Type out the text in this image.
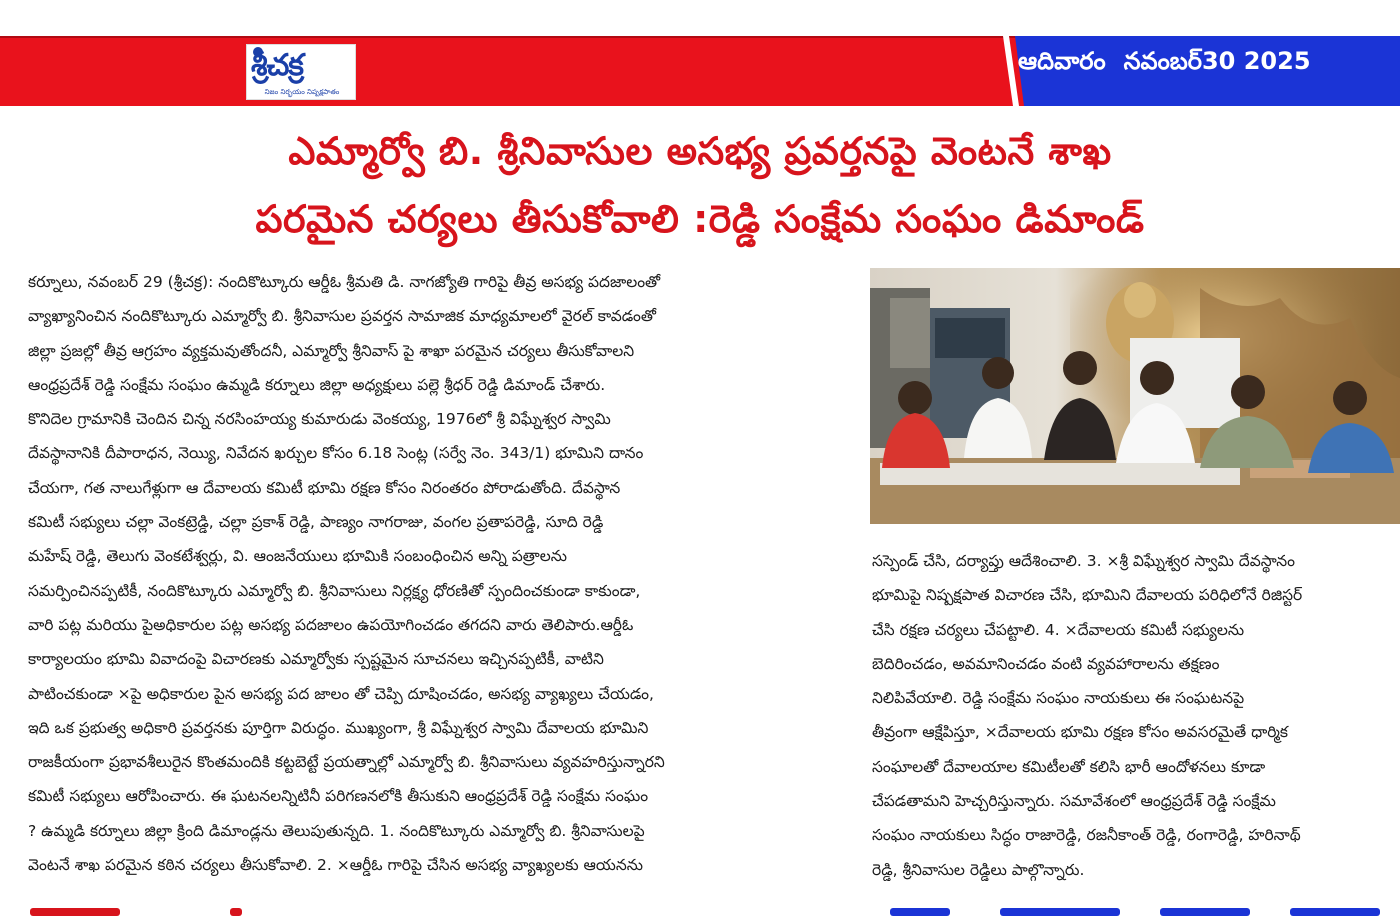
శ్రీచక్ర
నిజం నిర్భయం నిష్పక్షపాతం
ఆదివారం నవంబర్30 2025
ఎమ్మార్వో బి. శ్రీనివాసుల అసభ్య ప్రవర్తనపై వెంటనే శాఖ
పరమైన చర్యలు తీసుకోవాలి :రెడ్డి సంక్షేమ సంఘం డిమాండ్
కర్నూలు, నవంబర్ 29 (శ్రీచక్ర): నందికొట్కూరు ఆర్డీఓ శ్రీమతి డి. నాగజ్యోతి గారిపై తీవ్ర అసభ్య పదజాలంతో
వ్యాఖ్యానించిన నందికొట్కూరు ఎమ్మార్వో బి. శ్రీనివాసుల ప్రవర్తన సామాజిక మాధ్యమాలలో వైరల్ కావడంతో
జిల్లా ప్రజల్లో తీవ్ర ఆగ్రహం వ్యక్తమవుతోందనీ, ఎమ్మార్వో శ్రీనివాస్ పై శాఖా పరమైన చర్యలు తీసుకోవాలని
ఆంధ్రప్రదేశ్ రెడ్డి సంక్షేమ సంఘం ఉమ్మడి కర్నూలు జిల్లా అధ్యక్షులు పల్లె శ్రీధర్ రెడ్డి డిమాండ్ చేశారు.
కొనిదెల గ్రామానికి చెందిన చిన్న నరసింహయ్య కుమారుడు వెంకయ్య, 1976లో శ్రీ విఘ్నేశ్వర స్వామి
దేవస్థానానికి దీపారాధన, నెయ్యి, నివేదన ఖర్చుల కోసం 6.18 సెంట్ల (సర్వే నెం. 343/1) భూమిని దానం
చేయగా, గత నాలుగేళ్లుగా ఆ దేవాలయ కమిటీ భూమి రక్షణ కోసం నిరంతరం పోరాడుతోంది. దేవస్థాన
కమిటీ సభ్యులు చల్లా వెంకట్రెడ్డి, చల్లా ప్రకాశ్ రెడ్డి, పాణ్యం నాగరాజు, వంగల ప్రతాపరెడ్డి, సూది రెడ్డి
మహేష్ రెడ్డి, తెలుగు వెంకటేశ్వర్లు, వి. ఆంజనేయులు భూమికి సంబంధించిన అన్ని పత్రాలను
సమర్పించినప్పటికీ, నందికొట్కూరు ఎమ్మార్వో బి. శ్రీనివాసులు నిర్లక్ష్య ధోరణితో స్పందించకుండా కాకుండా,
వారి పట్ల మరియు పైఅధికారుల పట్ల అసభ్య పదజాలం ఉపయోగించడం తగదని వారు తెలిపారు.ఆర్డీఓ
కార్యాలయం భూమి వివాదంపై విచారణకు ఎమ్మార్వోకు స్పష్టమైన సూచనలు ఇచ్చినప్పటికీ, వాటిని
పాటించకుండా ×పై అధికారుల పైన అసభ్య పద జాలం తో చెప్పి దూషించడం, అసభ్య వ్యాఖ్యలు చేయడం,
ఇది ఒక ప్రభుత్వ అధికారి ప్రవర్తనకు పూర్తిగా విరుద్ధం. ముఖ్యంగా, శ్రీ విఘ్నేశ్వర స్వామి దేవాలయ భూమిని
రాజకీయంగా ప్రభావశీలురైన కొంతమందికి కట్టబెట్టే ప్రయత్నాల్లో ఎమ్మార్వో బి. శ్రీనివాసులు వ్యవహరిస్తున్నారని
కమిటీ సభ్యులు ఆరోపించారు. ఈ ఘటనలన్నిటినీ పరిగణనలోకి తీసుకుని ఆంధ్రప్రదేశ్ రెడ్డి సంక్షేమ సంఘం
? ఉమ్మడి కర్నూలు జిల్లా క్రింది డిమాండ్లను తెలుపుతున్నది. 1. నందికొట్కూరు ఎమ్మార్వో బి. శ్రీనివాసులపై
వెంటనే శాఖ పరమైన కఠిన చర్యలు తీసుకోవాలి. 2. ×ఆర్డీఓ గారిపై చేసిన అసభ్య వ్యాఖ్యలకు ఆయనను
సస్పెండ్ చేసి, దర్యాప్తు ఆదేశించాలి. 3. ×శ్రీ విఘ్నేశ్వర స్వామి దేవస్థానం
భూమిపై నిష్పక్షపాత విచారణ చేసి, భూమిని దేవాలయ పరిధిలోనే రిజిస్టర్
చేసి రక్షణ చర్యలు చేపట్టాలి. 4. ×దేవాలయ కమిటీ సభ్యులను
బెదిరించడం, అవమానించడం వంటి వ్యవహారాలను తక్షణం
నిలిపివేయాలి. రెడ్డి సంక్షేమ సంఘం నాయకులు ఈ సంఘటనపై
తీవ్రంగా ఆక్షేపిస్తూ, ×దేవాలయ భూమి రక్షణ కోసం అవసరమైతే ధార్మిక
సంఘాలతో దేవాలయాల కమిటీలతో కలిసి భారీ ఆందోళనలు కూడా
చేపడతామని హెచ్చరిస్తున్నారు. సమావేశంలో ఆంధ్రప్రదేశ్ రెడ్డి సంక్షేమ
సంఘం నాయకులు సిద్ధం రాజారెడ్డి, రజనీకాంత్ రెడ్డి, రంగారెడ్డి, హరినాథ్
రెడ్డి, శ్రీనివాసుల రెడ్డిలు పాల్గొన్నారు.
